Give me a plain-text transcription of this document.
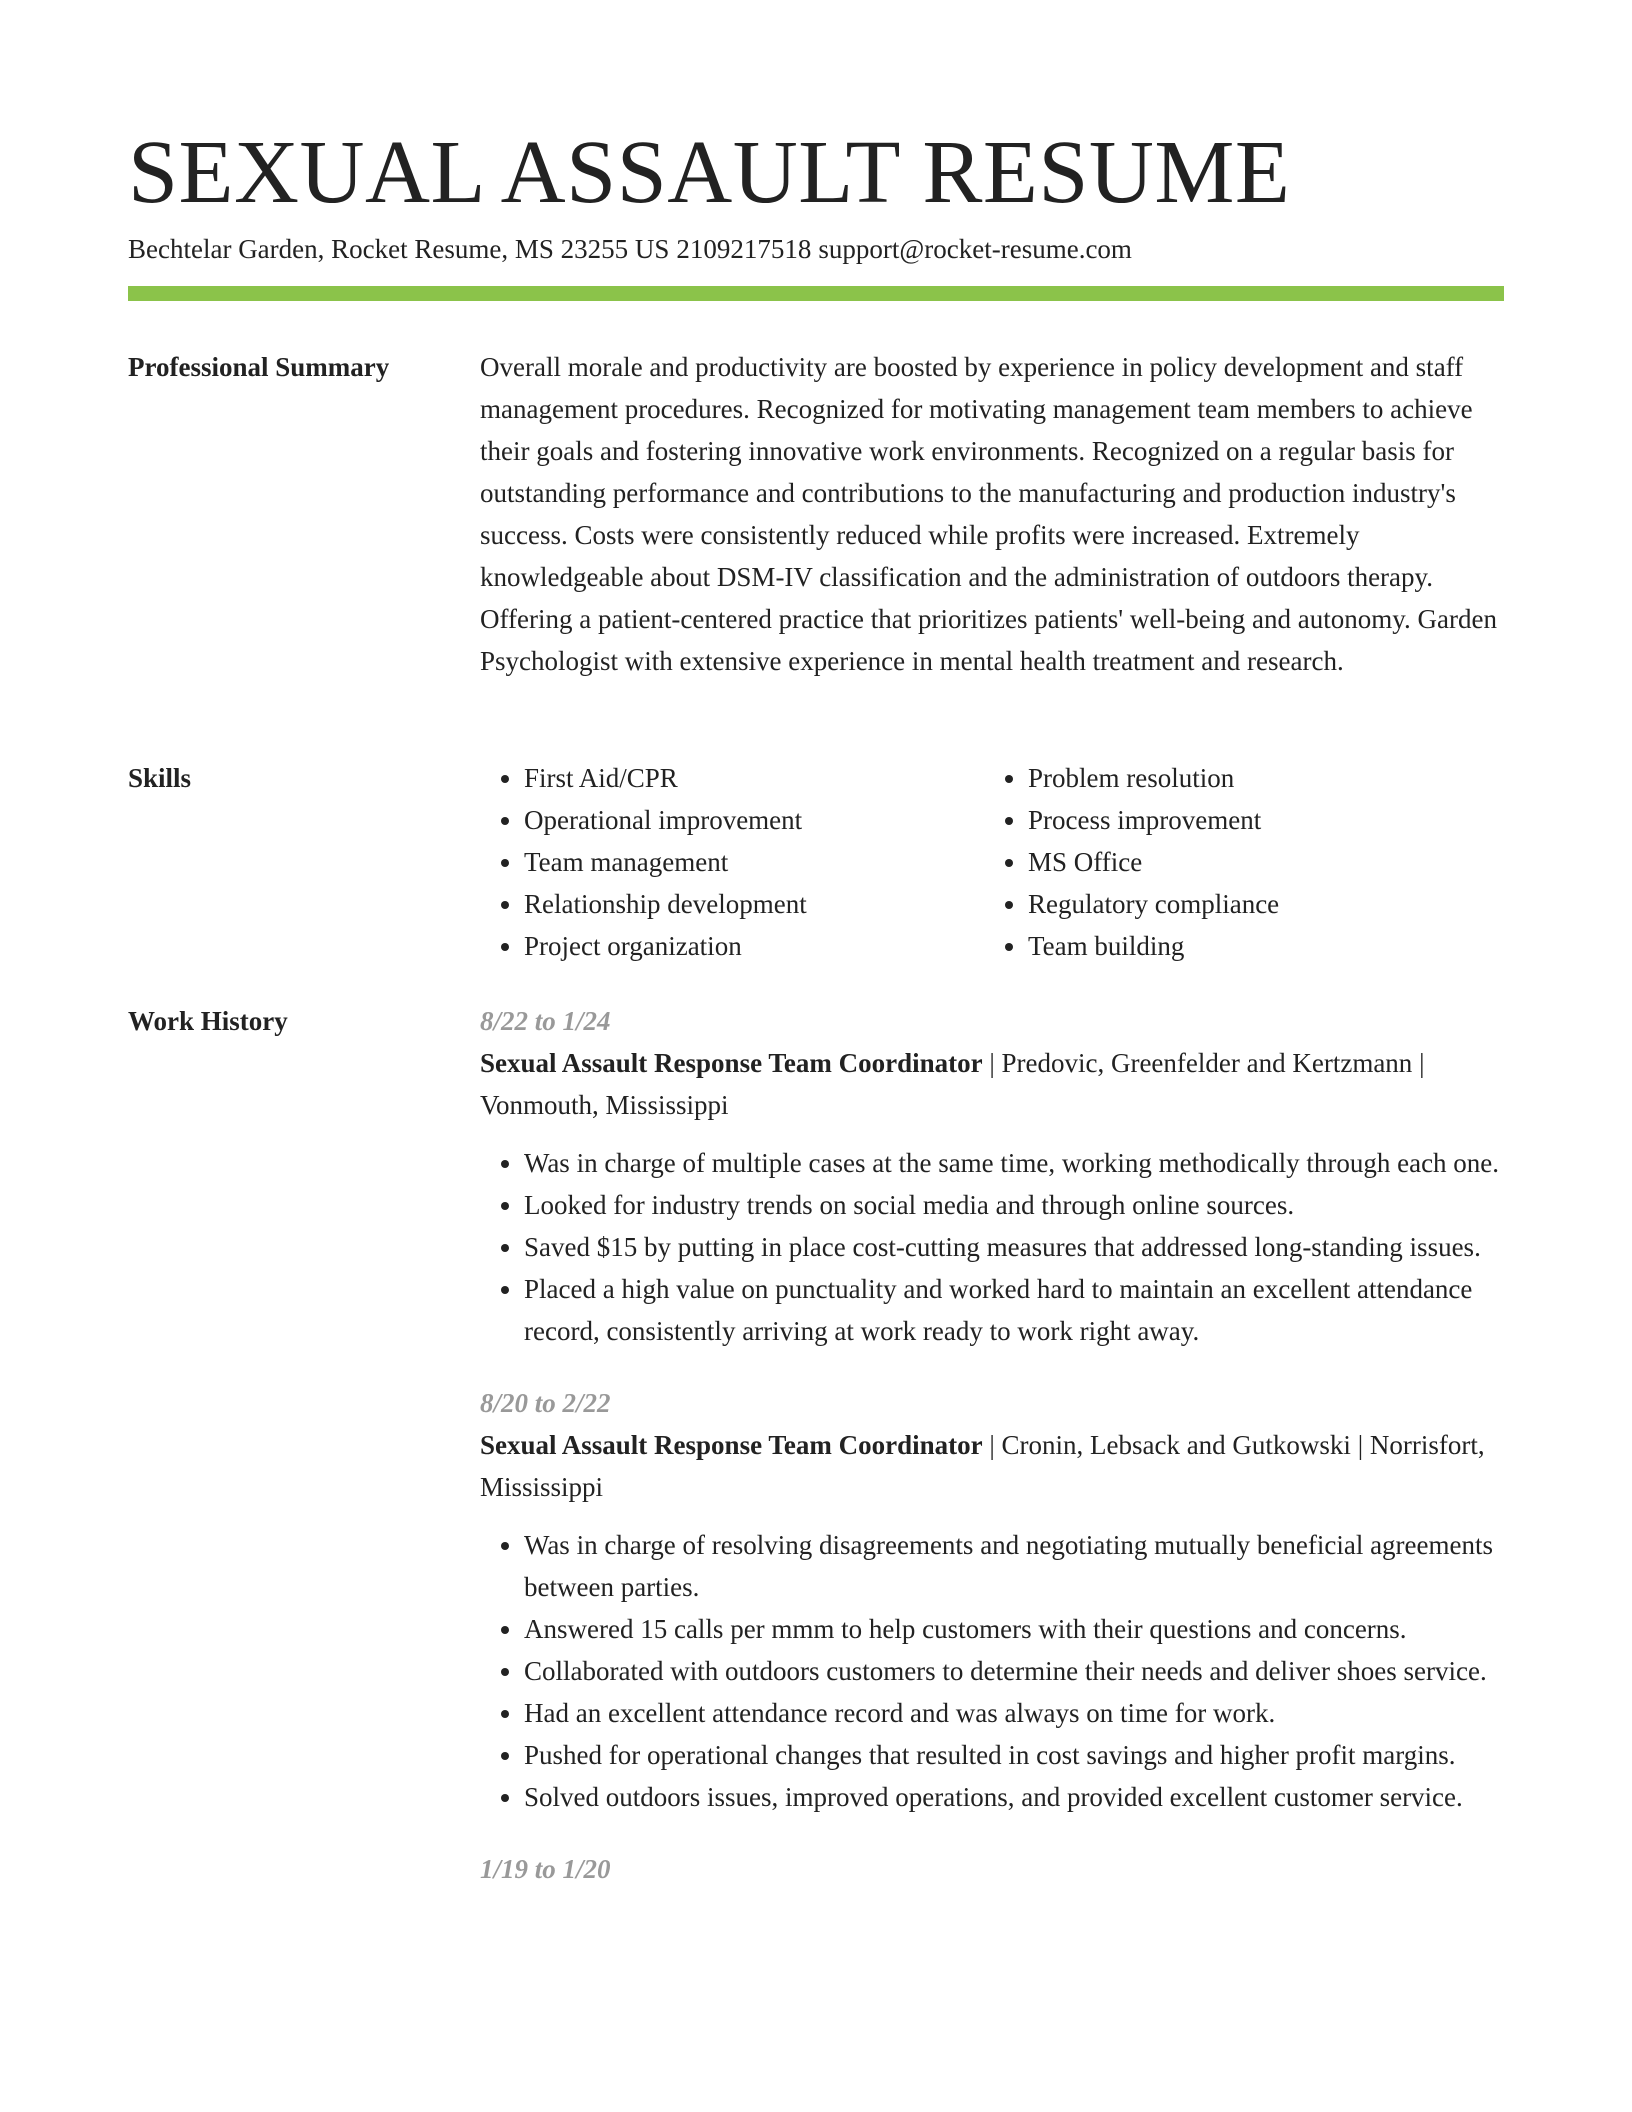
SEXUAL ASSAULT RESUME
Bechtelar Garden, Rocket Resume, MS 23255 US 2109217518 support@rocket-resume.com
Professional Summary	Overall morale and productivity are boosted by experience in policy development and staff management procedures. Recognized for motivating management team members to achieve their goals and fostering innovative work environments. Recognized on a regular basis for outstanding performance and contributions to the manufacturing and production industry's success. Costs were consistently reduced while profits were increased. Extremely knowledgeable about DSM-IV classification and the administration of outdoors therapy. Offering a patient-centered practice that prioritizes patients' well-being and autonomy. Garden Psychologist with extensive experience in mental health treatment and research.

Skills
•	First Aid/CPR
• Operational improvement
• Team management
• Relationship development
• Project organization
• Problem resolution
• Process improvement
• MS Office
• Regulatory compliance
• Team building
Work History	8/22 to 1/24
Sexual Assault Response Team Coordinator | Predovic, Greenfelder and Kertzmann | Vonmouth, Mississippi
• Was in charge of multiple cases at the same time, working methodically through each one.
• Looked for industry trends on social media and through online sources.
• Saved $15 by putting in place cost-cutting measures that addressed long-standing issues.
• Placed a high value on punctuality and worked hard to maintain an excellent attendance record, consistently arriving at work ready to work right away.
8/20 to 2/22
Sexual Assault Response Team Coordinator | Cronin, Lebsack and Gutkowski | Norrisfort, Mississippi
• Was in charge of resolving disagreements and negotiating mutually beneficial agreements between parties.
• Answered 15 calls per mmm to help customers with their questions and concerns.
• Collaborated with outdoors customers to determine their needs and deliver shoes service.
• Had an excellent attendance record and was always on time for work.
• Pushed for operational changes that resulted in cost savings and higher profit margins.
• Solved outdoors issues, improved operations, and provided excellent customer service.
1/19 to 1/20
